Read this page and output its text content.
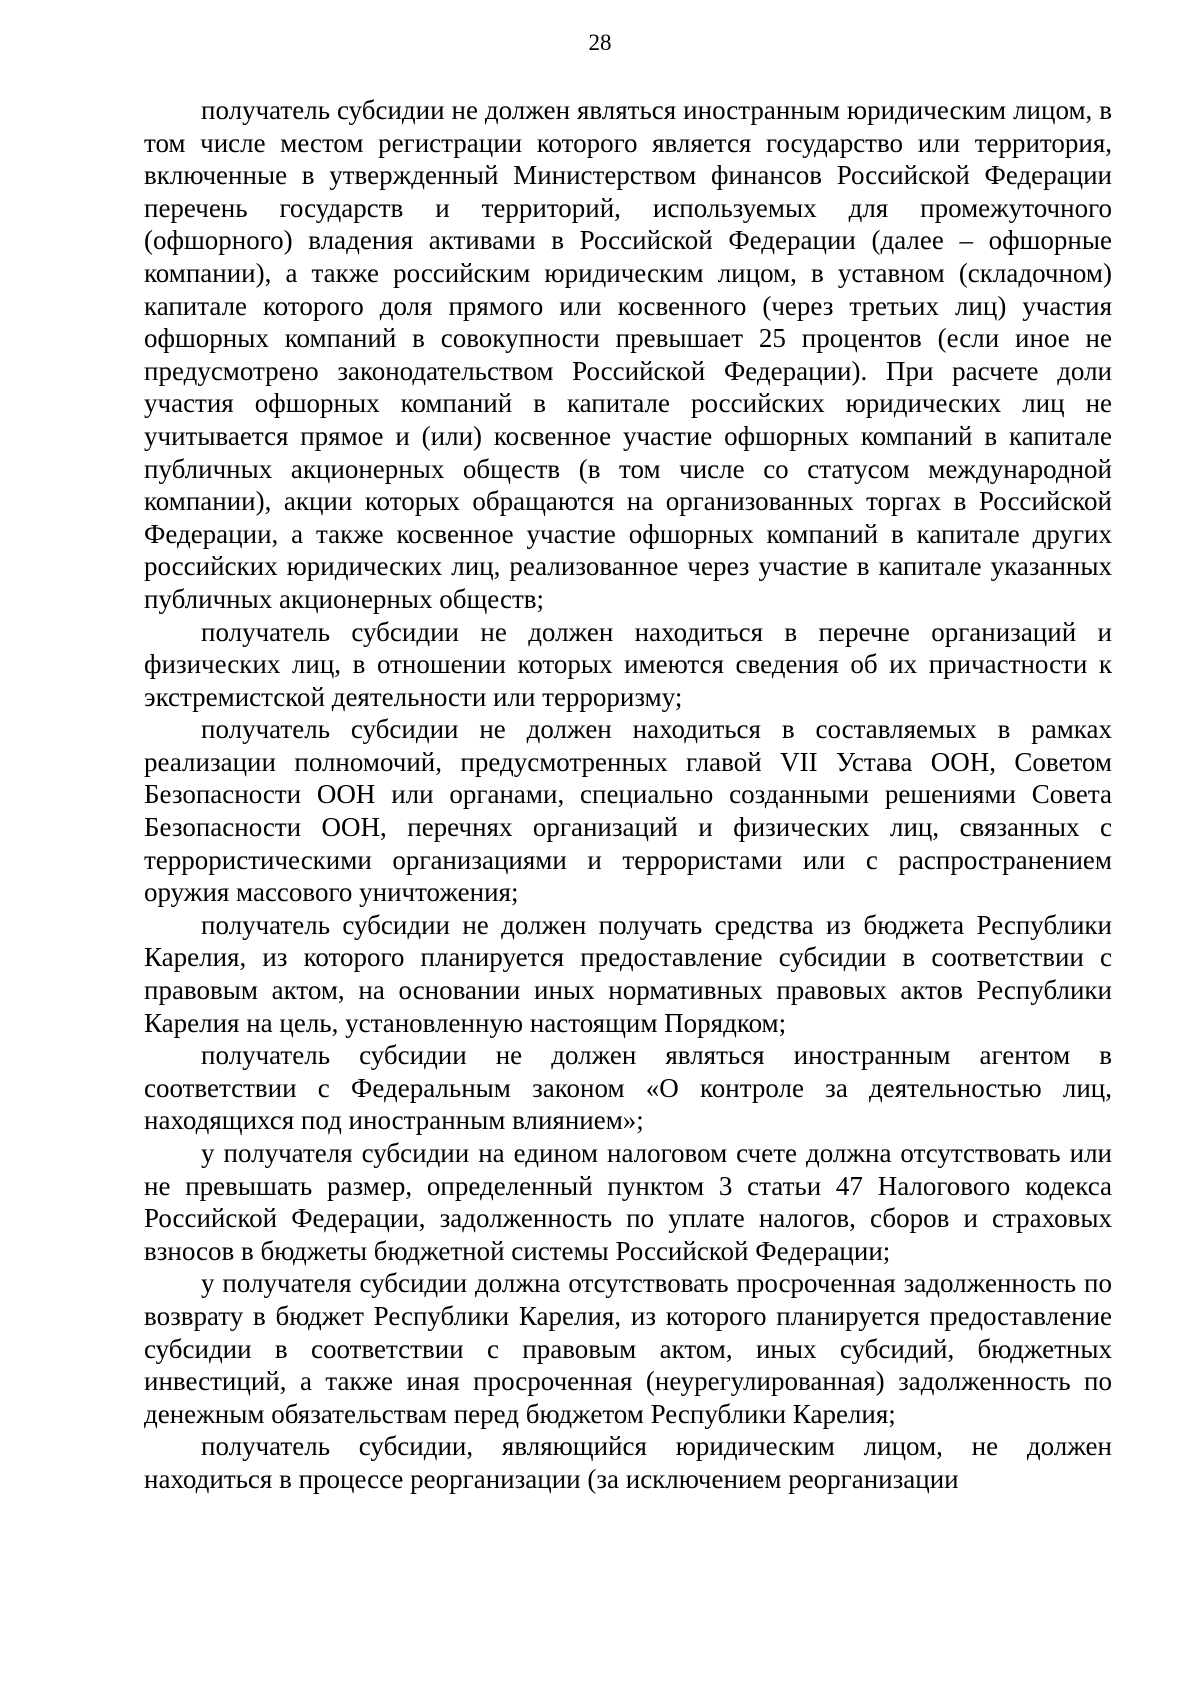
28

получатель субсидии не должен являться иностранным юридическим лицом, в том числе местом регистрации которого является государство или территория, включенные в утвержденный Министерством финансов Российской Федерации перечень государств и территорий, используемых для промежуточного (офшорного) владения активами в Российской Федерации (далее – офшорные компании), а также российским юридическим лицом, в уставном (складочном) капитале которого доля прямого или косвенного (через третьих лиц) участия офшорных компаний в совокупности превышает 25 процентов (если иное не предусмотрено законодательством Российской Федерации). При расчете доли участия офшорных компаний в капитале российских юридических лиц не учитывается прямое и (или) косвенное участие офшорных компаний в капитале публичных акционерных обществ (в том числе со статусом международной компании), акции которых обращаются на организованных торгах в Российской Федерации, а также косвенное участие офшорных компаний в капитале других российских юридических лиц, реализованное через участие в капитале указанных публичных акционерных обществ;

получатель субсидии не должен находиться в перечне организаций и физических лиц, в отношении которых имеются сведения об их причастности к экстремистской деятельности или терроризму;

получатель субсидии не должен находиться в составляемых в рамках реализации полномочий, предусмотренных главой VII Устава ООН, Советом Безопасности ООН или органами, специально созданными решениями Совета Безопасности ООН, перечнях организаций и физических лиц, связанных с террористическими организациями и террористами или с распространением оружия массового уничтожения;

получатель субсидии не должен получать средства из бюджета Республики Карелия, из которого планируется предоставление субсидии в соответствии с правовым актом, на основании иных нормативных правовых актов Республики Карелия на цель, установленную настоящим Порядком;

получатель субсидии не должен являться иностранным агентом в соответствии с Федеральным законом «О контроле за деятельностью лиц, находящихся под иностранным влиянием»;

у получателя субсидии на едином налоговом счете должна отсутствовать или не превышать размер, определенный пунктом 3 статьи 47 Налогового кодекса Российской Федерации, задолженность по уплате налогов, сборов и страховых взносов в бюджеты бюджетной системы Российской Федерации;

у получателя субсидии должна отсутствовать просроченная задолженность по возврату в бюджет Республики Карелия, из которого планируется предоставление субсидии в соответствии с правовым актом, иных субсидий, бюджетных инвестиций, а также иная просроченная (неурегулированная) задолженность по денежным обязательствам перед бюджетом Республики Карелия;

получатель субсидии, являющийся юридическим лицом, не должен находиться в процессе реорганизации (за исключением реорганизации
